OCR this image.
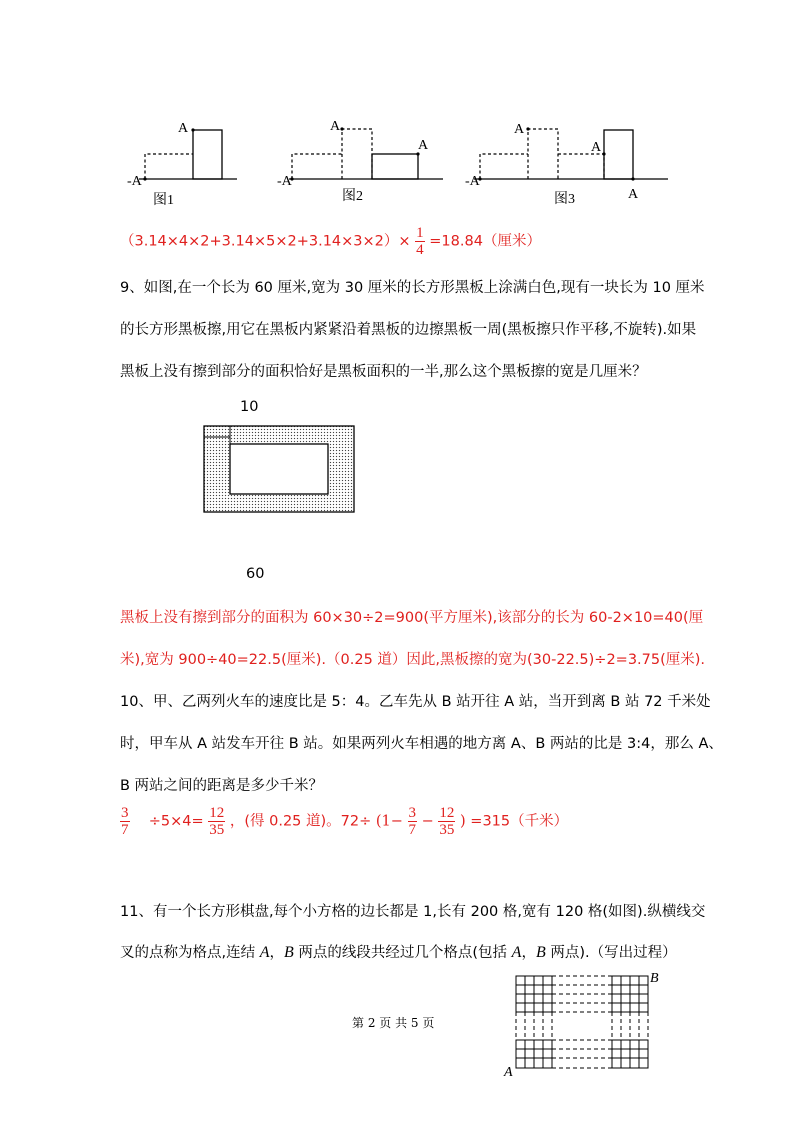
A
-A
图1
A
A
-A
图2
A
A
A
-A
图3
$(3.14\times 4\times 2+3.14\times 5\times 2+3.14\times 3\times 2)\times \frac{1}{4} =18.84$（厘米）
9、如图,在一个长为 60 厘米,宽为 30 厘米的长方形黑板上涂满白色,现有一块长为 10 厘米
的长方形黑板擦,用它在黑板内紧紧沿着黑板的边擦黑板一周(黑板擦只作平移,不旋转).如果
黑板上没有擦到部分的面积恰好是黑板面积的一半,那么这个黑板擦的宽是几厘米？
10
60
黑板上没有擦到部分的面积为 60×30÷2=900(平方厘米),该部分的长为 60-2×10=40(厘
米),宽为 900÷40=22.5(厘米).（0.25 道）因此,黑板擦的宽为(30-22.5)÷2=3.75(厘米).
10、甲、乙两列火车的速度比是 5：4。乙车先从 B 站开往 A 站，当开到离 B 站 72 千米处
时，甲车从 A 站发车开往 B 站。如果两列火车相遇的地方离 A、B 两站的比是 3:4，那么 A、
B 两站之间的距离是多少千米？
$\frac{3}{7} \div 5\times 4= \frac{12}{35}$ ，(得 0.25 道)。$72\div (1- \frac{3}{7} - \frac{12}{35}$ ) =315（千米）
11、有一个长方形棋盘,每个小方格的边长都是 1,长有 200 格,宽有 120 格(如图).纵横线交
叉的点称为格点,连结 A，B 两点的线段共经过几个格点(包括 A，B 两点).（写出过程）
B
A
第 2 页 共 5 页
